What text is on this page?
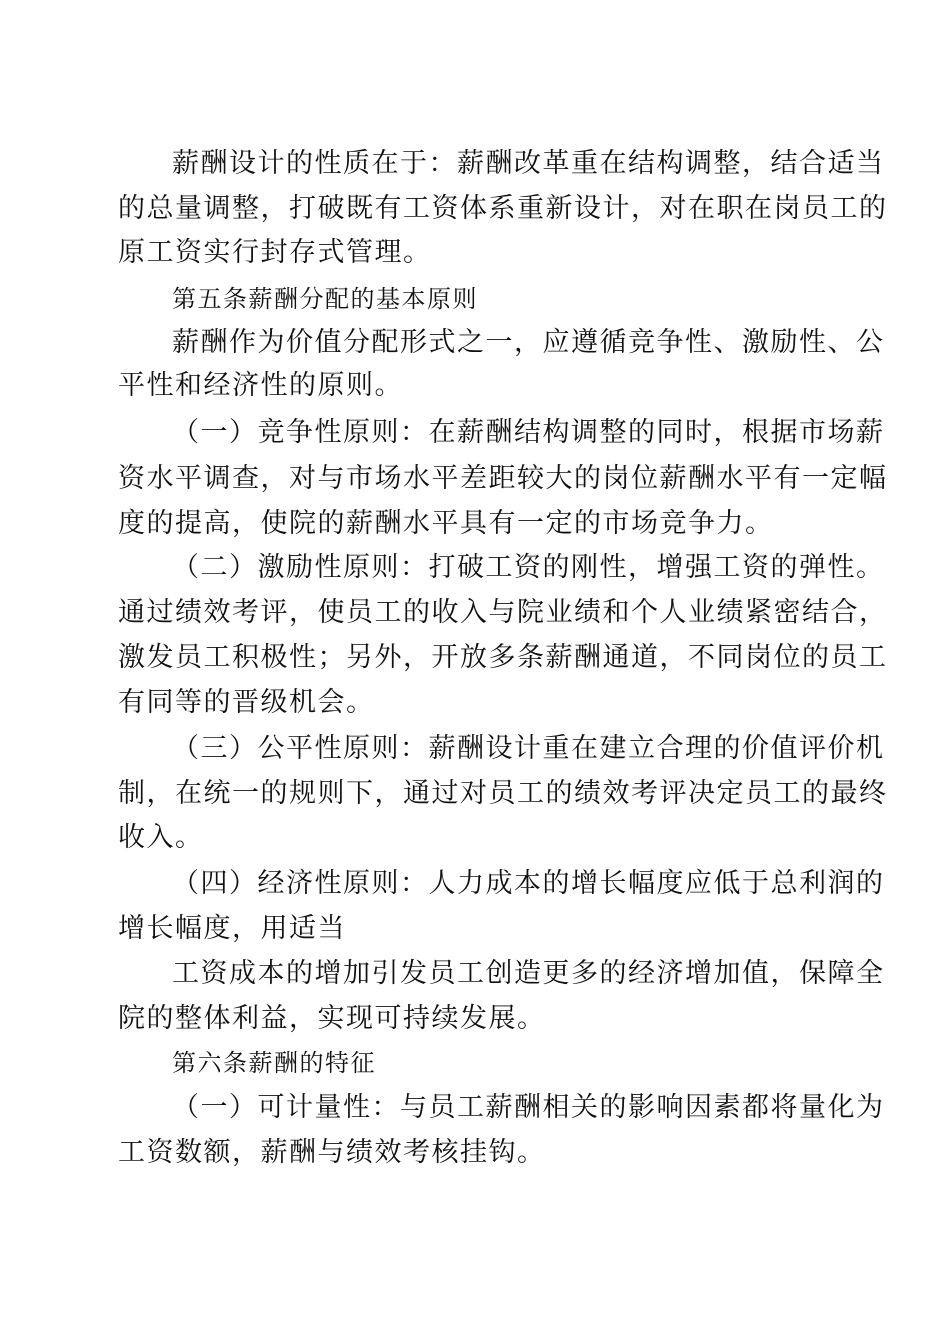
薪酬设计的性质在于：薪酬改革重在结构调整，结合适当
的总量调整，打破既有工资体系重新设计，对在职在岗员工的
原工资实行封存式管理。
第五条薪酬分配的基本原则
薪酬作为价值分配形式之一，应遵循竞争性、激励性、公
平性和经济性的原则。
（一）竞争性原则：在薪酬结构调整的同时，根据市场薪
资水平调查，对与市场水平差距较大的岗位薪酬水平有一定幅
度的提高，使院的薪酬水平具有一定的市场竞争力。
（二）激励性原则：打破工资的刚性，增强工资的弹性。
通过绩效考评，使员工的收入与院业绩和个人业绩紧密结合，
激发员工积极性；另外，开放多条薪酬通道，不同岗位的员工
有同等的晋级机会。
（三）公平性原则：薪酬设计重在建立合理的价值评价机
制，在统一的规则下，通过对员工的绩效考评决定员工的最终
收入。
（四）经济性原则：人力成本的增长幅度应低于总利润的
增长幅度，用适当
工资成本的增加引发员工创造更多的经济增加值，保障全
院的整体利益，实现可持续发展。
第六条薪酬的特征
（一）可计量性：与员工薪酬相关的影响因素都将量化为
工资数额，薪酬与绩效考核挂钩。
